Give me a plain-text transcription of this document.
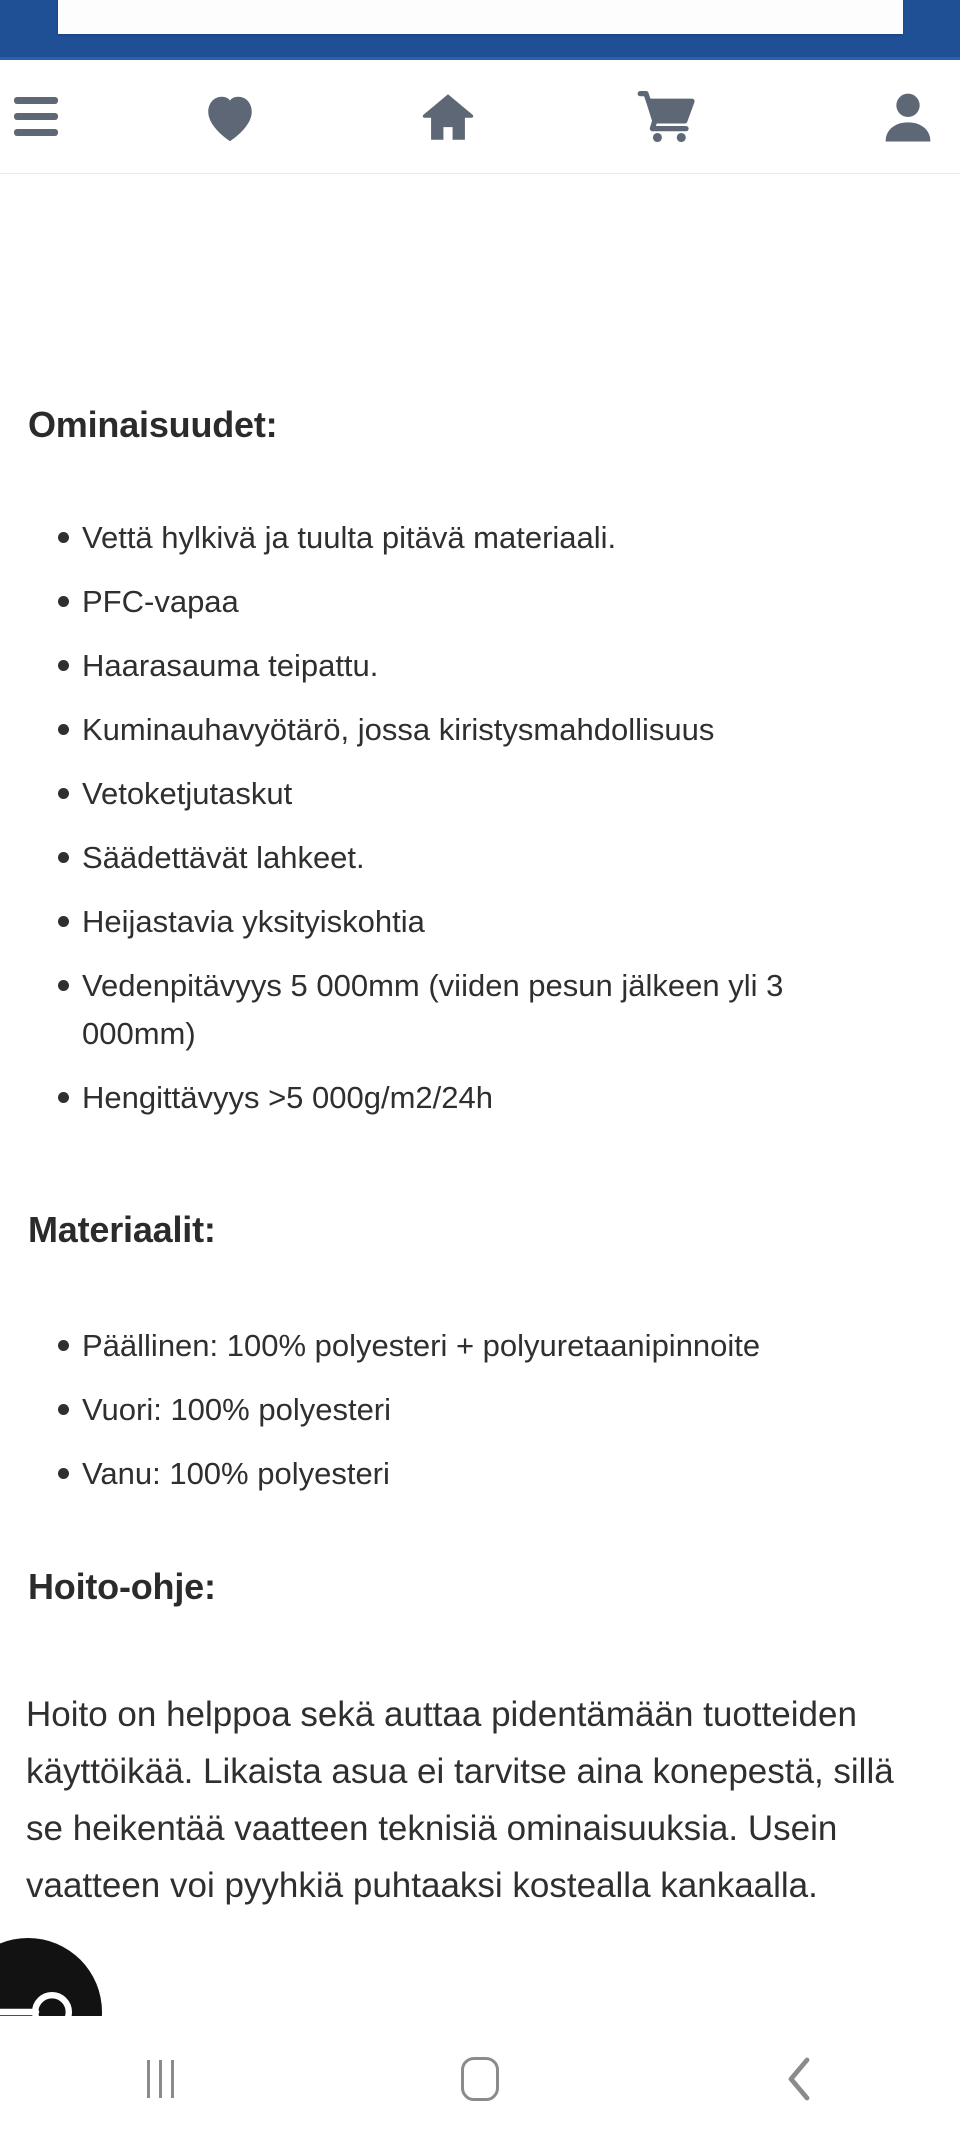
Ominaisuudet:
Vettä hylkivä ja tuulta pitävä materiaali.
PFC-vapaa
Haarasauma teipattu.
Kuminauhavyötärö, jossa kiristysmahdollisuus
Vetoketjutaskut
Säädettävät lahkeet.
Heijastavia yksityiskohtia
Vedenpitävyys 5 000mm (viiden pesun jälkeen yli 3 000mm)
Hengittävyys >5 000g/m2/24h
Materiaalit:
Päällinen: 100% polyesteri + polyuretaanipinnoite
Vuori: 100% polyesteri
Vanu: 100% polyesteri
Hoito-ohje:

Hoito on helppoa sekä auttaa pidentämään tuotteiden käyttöikää. Likaista asua ei tarvitse aina konepestä, sillä se heikentää vaatteen teknisiä ominaisuuksia. Usein vaatteen voi pyyhkiä puhtaaksi kostealla kankaalla.
